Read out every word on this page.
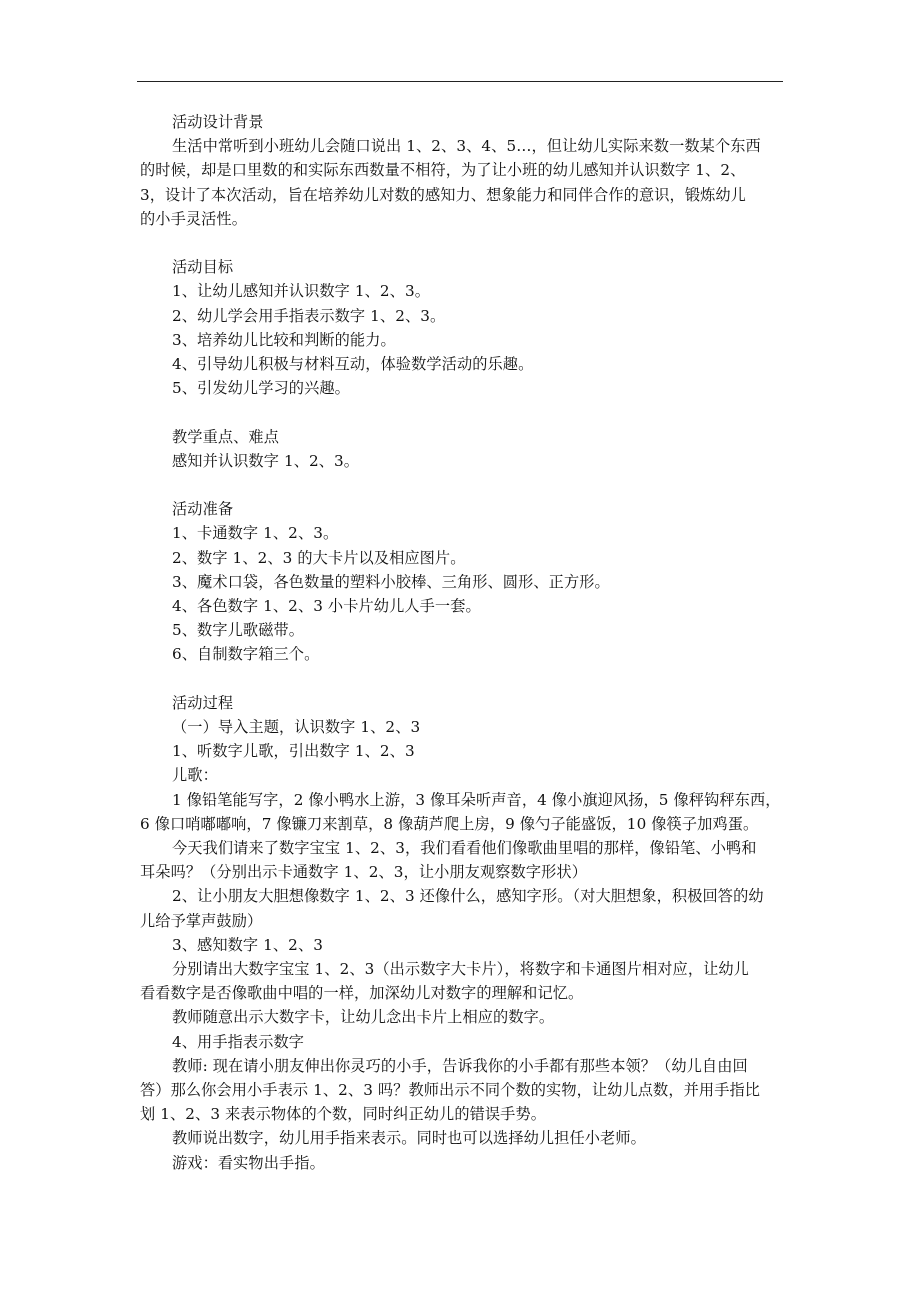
活动设计背景

生活中常听到小班幼儿会随口说出 1、2、3、4、5…，但让幼儿实际来数一数某个东西

的时候，却是口里数的和实际东西数量不相符，为了让小班的幼儿感知并认识数字 1、2、

3，设计了本次活动，旨在培养幼儿对数的感知力、想象能力和同伴合作的意识，锻炼幼儿

的小手灵活性。

活动目标

1、让幼儿感知并认识数字 1、2、3。

2、幼儿学会用手指表示数字 1、2、3。

3、培养幼儿比较和判断的能力。

4、引导幼儿积极与材料互动，体验数学活动的乐趣。

5、引发幼儿学习的兴趣。

教学重点、难点

感知并认识数字 1、2、3。

活动准备

1、卡通数字 1、2、3。

2、数字 1、2、3 的大卡片以及相应图片。

3、魔术口袋，各色数量的塑料小胶棒、三角形、圆形、正方形。

4、各色数字 1、2、3 小卡片幼儿人手一套。

5、数字儿歌磁带。

6、自制数字箱三个。

活动过程

（一）导入主题，认识数字 1、2、3

1、听数字儿歌，引出数字 1、2、3

儿歌：

1 像铅笔能写字，2 像小鸭水上游，3 像耳朵听声音，4 像小旗迎风扬，5 像秤钩秤东西，

6 像口哨嘟嘟响，7 像镰刀来割草，8 像葫芦爬上房，9 像勺子能盛饭，10 像筷子加鸡蛋。

今天我们请来了数字宝宝 1、2、3，我们看看他们像歌曲里唱的那样，像铅笔、小鸭和

耳朵吗？（分别出示卡通数字 1、2、3，让小朋友观察数字形状）

2、让小朋友大胆想像数字 1、2、3 还像什么，感知字形。（对大胆想象，积极回答的幼

儿给予掌声鼓励）

3、感知数字 1、2、3

分别请出大数字宝宝 1、2、3（出示数字大卡片），将数字和卡通图片相对应，让幼儿

看看数字是否像歌曲中唱的一样，加深幼儿对数字的理解和记忆。

教师随意出示大数字卡，让幼儿念出卡片上相应的数字。

4、用手指表示数字

教师: 现在请小朋友伸出你灵巧的小手，告诉我你的小手都有那些本领？（幼儿自由回

答）那么你会用小手表示 1、2、3 吗？教师出示不同个数的实物，让幼儿点数，并用手指比

划 1、2、3 来表示物体的个数，同时纠正幼儿的错误手势。

教师说出数字，幼儿用手指来表示。同时也可以选择幼儿担任小老师。

游戏：看实物出手指。
